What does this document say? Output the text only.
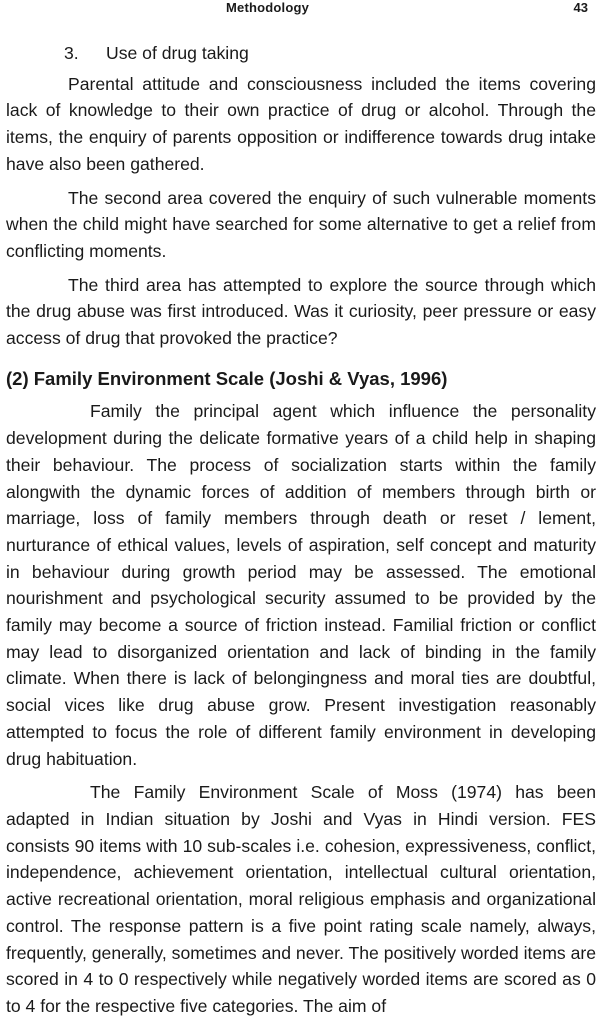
Methodology	43
3. Use of drug taking

Parental attitude and consciousness included the items covering lack of knowledge to their own practice of drug or alcohol. Through the items, the enquiry of parents opposition or indifference towards drug intake have also been gathered.

The second area covered the enquiry of such vulnerable moments when the child might have searched for some alternative to get a relief from conflicting moments.

The third area has attempted to explore the source through which the drug abuse was first introduced. Was it curiosity, peer pressure or easy access of drug that provoked the practice?

(2) Family Environment Scale (Joshi & Vyas, 1996)

Family the principal agent which influence the personality development during the delicate formative years of a child help in shaping their behaviour. The process of socialization starts within the family alongwith the dynamic forces of addition of members through birth or marriage, loss of family members through death or reset / lement, nurturance of ethical values, levels of aspiration, self concept and maturity in behaviour during growth period may be assessed. The emotional nourishment and psychological security assumed to be provided by the family may become a source of friction instead. Familial friction or conflict may lead to disorganized orientation and lack of binding in the family climate. When there is lack of belongingness and moral ties are doubtful, social vices like drug abuse grow. Present investigation reasonably attempted to focus the role of different family environment in developing drug habituation.

The Family Environment Scale of Moss (1974) has been adapted in Indian situation by Joshi and Vyas in Hindi version. FES consists 90 items with 10 sub-scales i.e. cohesion, expressiveness, conflict, independence, achievement orientation, intellectual cultural orientation, active recreational orientation, moral religious emphasis and organizational control. The response pattern is a five point rating scale namely, always, frequently, generally, sometimes and never. The positively worded items are scored in 4 to 0 respectively while negatively worded items are scored as 0 to 4 for the respective five categories. The aim of
